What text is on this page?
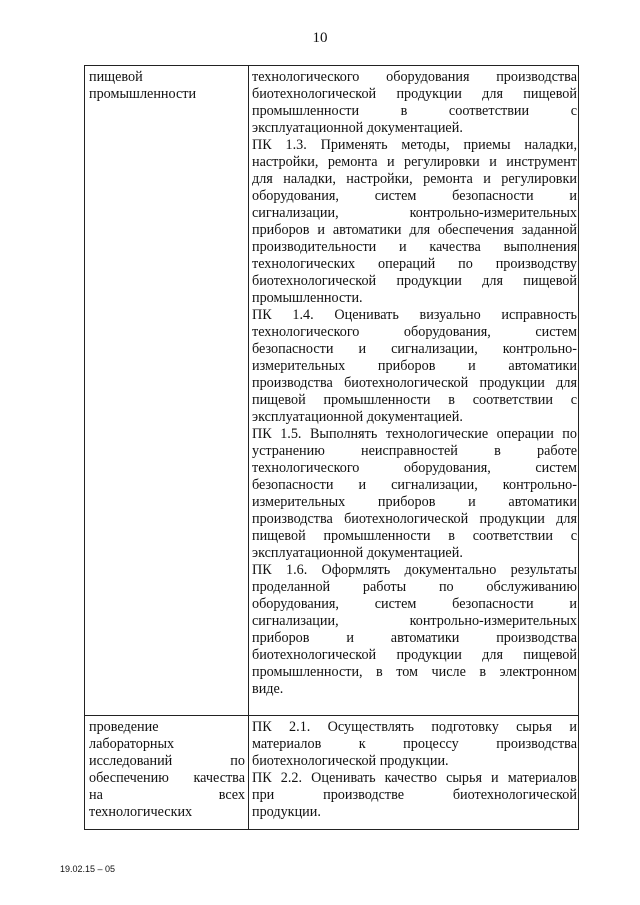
10
пищевой
промышленности
технологического оборудования производства
биотехнологической продукции для пищевой
промышленности в соответствии с
эксплуатационной документацией.
ПК 1.3. Применять методы, приемы наладки,
настройки, ремонта и регулировки и инструмент
для наладки, настройки, ремонта и регулировки
оборудования, систем безопасности и
сигнализации, контрольно-измерительных
приборов и автоматики для обеспечения заданной
производительности и качества выполнения
технологических операций по производству
биотехнологической продукции для пищевой
промышленности.
ПК 1.4. Оценивать визуально исправность
технологического оборудования, систем
безопасности и сигнализации, контрольно-
измерительных приборов и автоматики
производства биотехнологической продукции для
пищевой промышленности в соответствии с
эксплуатационной документацией.
ПК 1.5. Выполнять технологические операции по
устранению неисправностей в работе
технологического оборудования, систем
безопасности и сигнализации, контрольно-
измерительных приборов и автоматики
производства биотехнологической продукции для
пищевой промышленности в соответствии с
эксплуатационной документацией.
ПК 1.6. Оформлять документально результаты
проделанной работы по обслуживанию
оборудования, систем безопасности и
сигнализации, контрольно-измерительных
приборов и автоматики производства
биотехнологической продукции для пищевой
промышленности, в том числе в электронном
виде.
проведение
лабораторных
исследований по
обеспечению качества
на всех
технологических
ПК 2.1. Осуществлять подготовку сырья и
материалов к процессу производства
биотехнологической продукции.
ПК 2.2. Оценивать качество сырья и материалов
при производстве биотехнологической
продукции.
19.02.15 – 05
